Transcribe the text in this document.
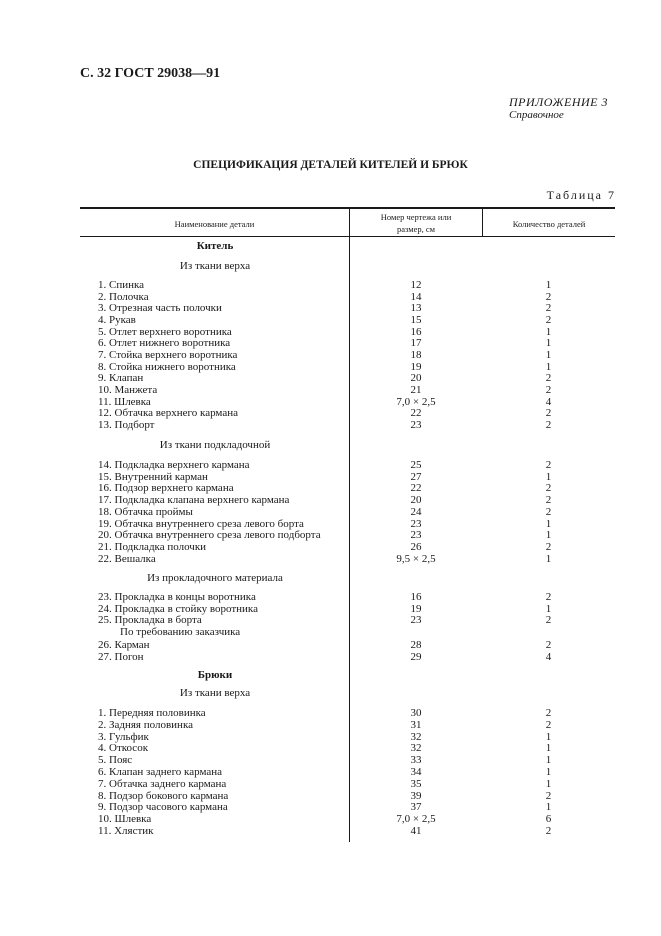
С. 32 ГОСТ 29038—91
ПРИЛОЖЕНИЕ 3
Справочное
СПЕЦИФИКАЦИЯ ДЕТАЛЕЙ КИТЕЛЕЙ И БРЮК
Таблица 7
Наименование детали
Номер чертежа или
размер, см	Количество деталей
Китель
Из ткани верха
Из ткани подкладочной
Из прокладочного материала
По требованию заказчика
Брюки
Из ткани верха
1. Спинка	12	1
2. Полочка	14	2
3. Отрезная часть полочки	13	2
4. Рукав	15	2
5. Отлет верхнего воротника	16	1
6. Отлет нижнего воротника	17	1
7. Стойка верхнего воротника	18	1
8. Стойка нижнего воротника	19	1
9. Клапан	20	2
10. Манжета	21	2
11. Шлевка	7,0 × 2,5	4
12. Обтачка верхнего кармана	22	2
13. Подборт	23	2
14. Подкладка верхнего кармана	25	2
15. Внутренний карман	27	1
16. Подзор верхнего кармана	22	2
17. Подкладка клапана верхнего кармана	20	2
18. Обтачка проймы	24	2
19. Обтачка внутреннего среза левого борта	23	1
20. Обтачка внутреннего среза левого подборта	23	1
21. Подкладка полочки	26	2
22. Вешалка	9,5 × 2,5	1
23. Прокладка в концы воротника	16	2
24. Прокладка в стойку воротника	19	1
25. Прокладка в борта	23	2
26. Карман	28	2
27. Погон	29	4
1. Передняя половинка	30	2
2. Задняя половинка	31	2
3. Гульфик	32	1
4. Откосок	32	1
5. Пояс	33	1
6. Клапан заднего кармана	34	1
7. Обтачка заднего кармана	35	1
8. Подзор бокового кармана	39	2
9. Подзор часового кармана	37	1
10. Шлевка	7,0 × 2,5	6
11. Хлястик	41	2
